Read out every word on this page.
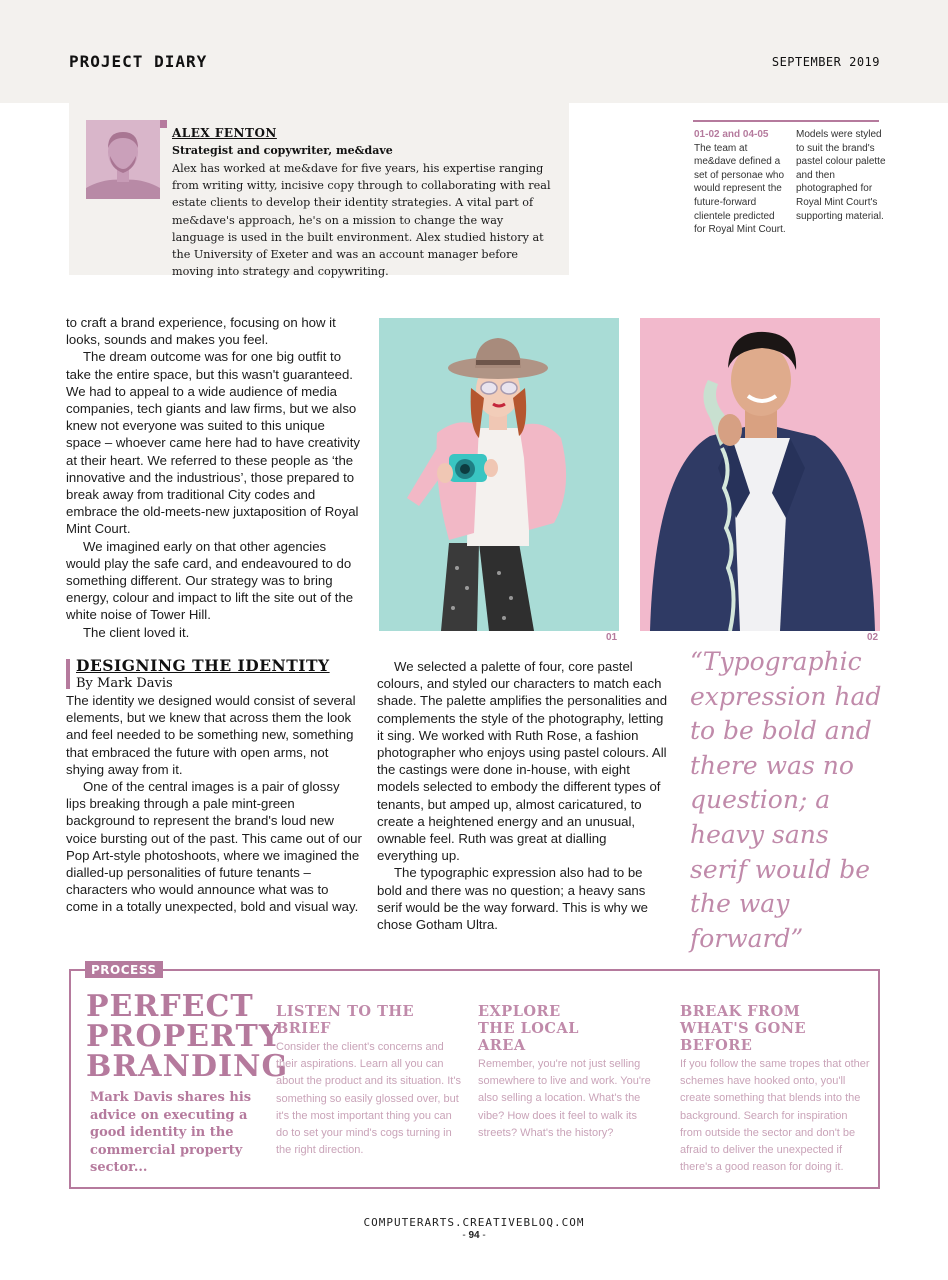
PROJECT DIARY	SEPTEMBER 2019
ALEX FENTON
Strategist and copywriter, me&dave
Alex has worked at me&dave for five years, his expertise ranging from writing witty, incisive copy through to collaborating with real estate clients to develop their identity strategies. A vital part of me&dave's approach, he's on a mission to change the way language is used in the built environment. Alex studied history at the University of Exeter and was an account manager before moving into strategy and copywriting.
01-02 and 04-05
The team at me&dave defined a set of personae who would represent the future-forward clientele predicted for Royal Mint Court.
Models were styled to suit the brand's pastel colour palette and then photographed for Royal Mint Court's supporting material.

to craft a brand experience, focusing on how it looks, sounds and makes you feel.

The dream outcome was for one big outfit to take the entire space, but this wasn't guaranteed. We had to appeal to a wide audience of media companies, tech giants and law firms, but we also knew not everyone was suited to this unique space – whoever came here had to have creativity at their heart. We referred to these people as ‘the innovative and the industrious’, those prepared to break away from traditional City codes and embrace the old-meets-new juxtaposition of Royal Mint Court.

We imagined early on that other agencies would play the safe card, and endeavoured to do something different. Our strategy was to bring energy, colour and impact to lift the site out of the white noise of Tower Hill.

The client loved it.	01	02
DESIGNING THE IDENTITY
By Mark Davis

The identity we designed would consist of several elements, but we knew that across them the look and feel needed to be something new, something that embraced the future with open arms, not shying away from it.

One of the central images is a pair of glossy lips breaking through a pale mint-green background to represent the brand's loud new voice bursting out of the past. This came out of our Pop Art-style photoshoots, where we imagined the dialled-up personalities of future tenants – characters who would announce what was to come in a totally unexpected, bold and visual way.

We selected a palette of four, core pastel colours, and styled our characters to match each shade. The palette amplifies the personalities and complements the style of the photography, letting it sing. We worked with Ruth Rose, a fashion photographer who enjoys using pastel colours. All the castings were done in-house, with eight models selected to embody the different types of tenants, but amped up, almost caricatured, to create a heightened energy and an unusual, ownable feel. Ruth was great at dialling everything up.

The typographic expression also had to be bold and there was no question; a heavy sans serif would be the way forward. This is why we chose Gotham Ultra.

“Typographic expression had to be bold and there was no question; a heavy sans serif would be the way forward”
PROCESS
PERFECT PROPERTY BRANDING
Mark Davis shares his advice on executing a good identity in the commercial property sector...
LISTEN TO THE BRIEF

Consider the client's concerns and their aspirations. Learn all you can about the product and its situation. It's something so easily glossed over, but it's the most important thing you can do to set your mind's cogs turning in the right direction.

EXPLORE THE LOCAL AREA

Remember, you're not just selling somewhere to live and work. You're also selling a location. What's the vibe? How does it feel to walk its streets? What's the history?

BREAK FROM WHAT'S GONE BEFORE

If you follow the same tropes that other schemes have hooked onto, you'll create something that blends into the background. Search for inspiration from outside the sector and don't be afraid to deliver the unexpected if there's a good reason for doing it.

COMPUTERARTS.CREATIVEBLOQ.COM
- 94 -
